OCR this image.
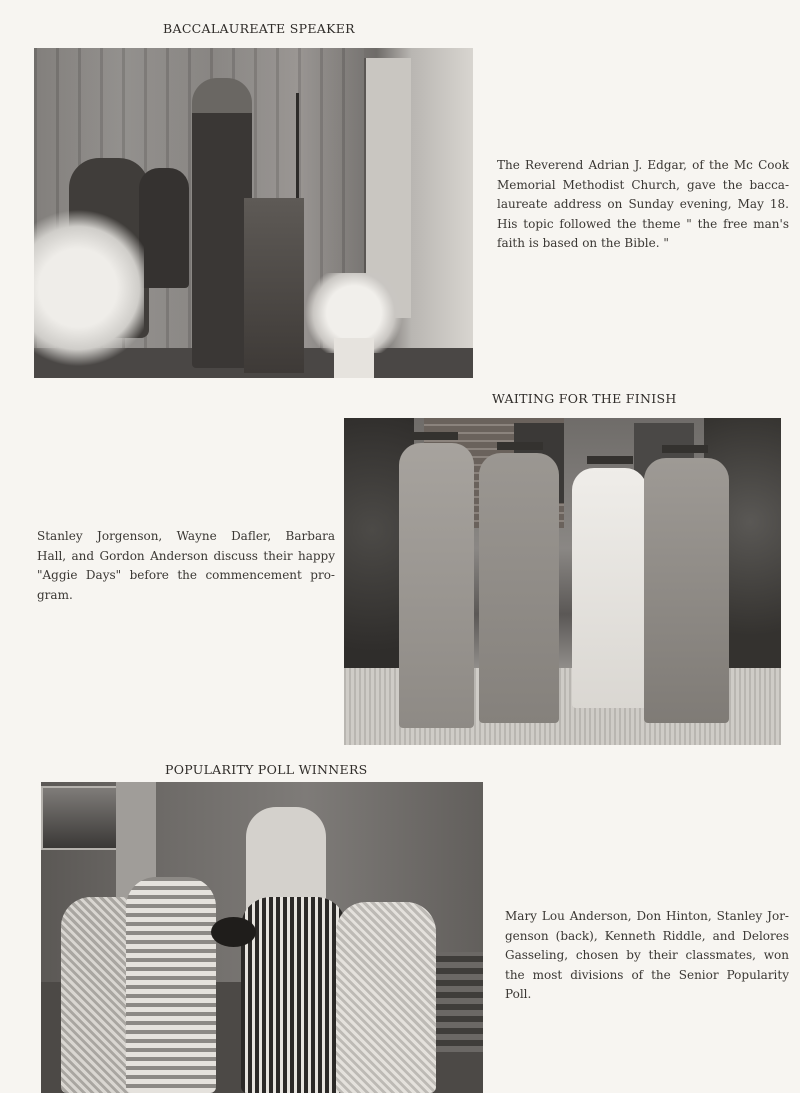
BACCALAUREATE SPEAKER
The Reverend Adrian J. Edgar, of the Mc Cook
Memorial Methodist Church, gave the bacca-
laureate address on Sunday evening, May 18.
His topic followed the theme " the free man's
faith is based on the Bible. "
WAITING FOR THE FINISH
Stanley Jorgenson, Wayne Dafler, Barbara
Hall, and Gordon Anderson discuss their happy
"Aggie Days" before the commencement pro-
gram.
POPULARITY POLL WINNERS
Mary Lou Anderson, Don Hinton, Stanley Jor-
genson (back), Kenneth Riddle, and Delores
Gasseling, chosen by their classmates, won
the most divisions of the Senior Popularity
Poll.
